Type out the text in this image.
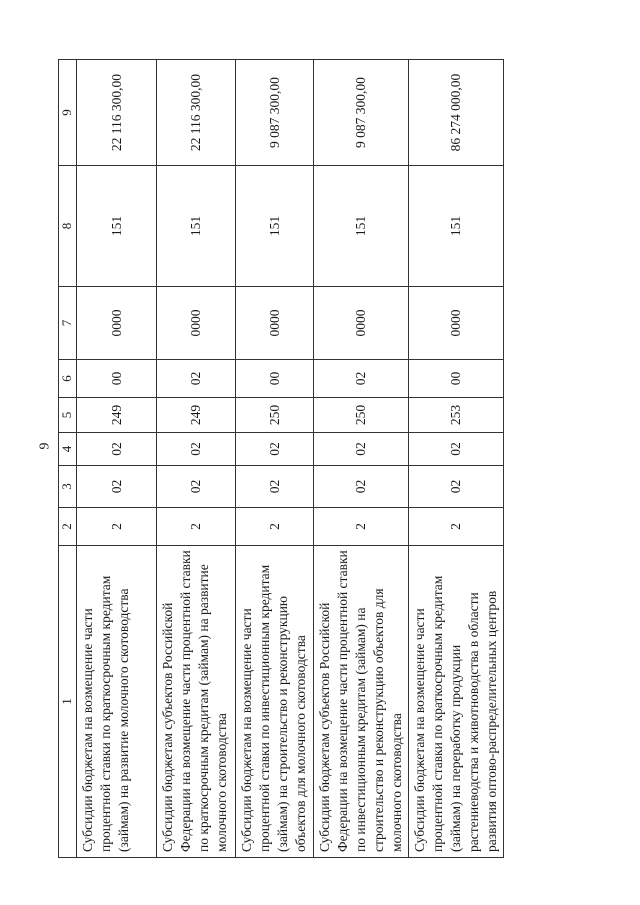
9
1	2	3	4	5	6	7	8	9
Субсидии бюджетам на возмещение части процентной ставки по краткосрочным кредитам (займам) на развитие молочного скотоводства	2	02	02	249	00	0000	151	22 116 300,00
Субсидии бюджетам субъектов Российской Федерации на возмещение части процентной ставки по краткосрочным кредитам (займам) на развитие молочного скотоводства	2	02	02	249	02	0000	151	22 116 300,00
Субсидии бюджетам на возмещение части процентной ставки по инвестиционным кредитам (займам) на строительство и реконструкцию объектов для молочного скотоводства	2	02	02	250	00	0000	151	9 087 300,00
Субсидии бюджетам субъектов Российской Федерации на возмещение части процентной ставки по инвестиционным кредитам (займам) на строительство и реконструкцию объектов для молочного скотоводства	2	02	02	250	02	0000	151	9 087 300,00
Субсидии бюджетам на возмещение части процентной ставки по краткосрочным кредитам (займам) на переработку продукции растениеводства и животноводства в области развития оптово-распределительных центров	2	02	02	253	00	0000	151	86 274 000,00
